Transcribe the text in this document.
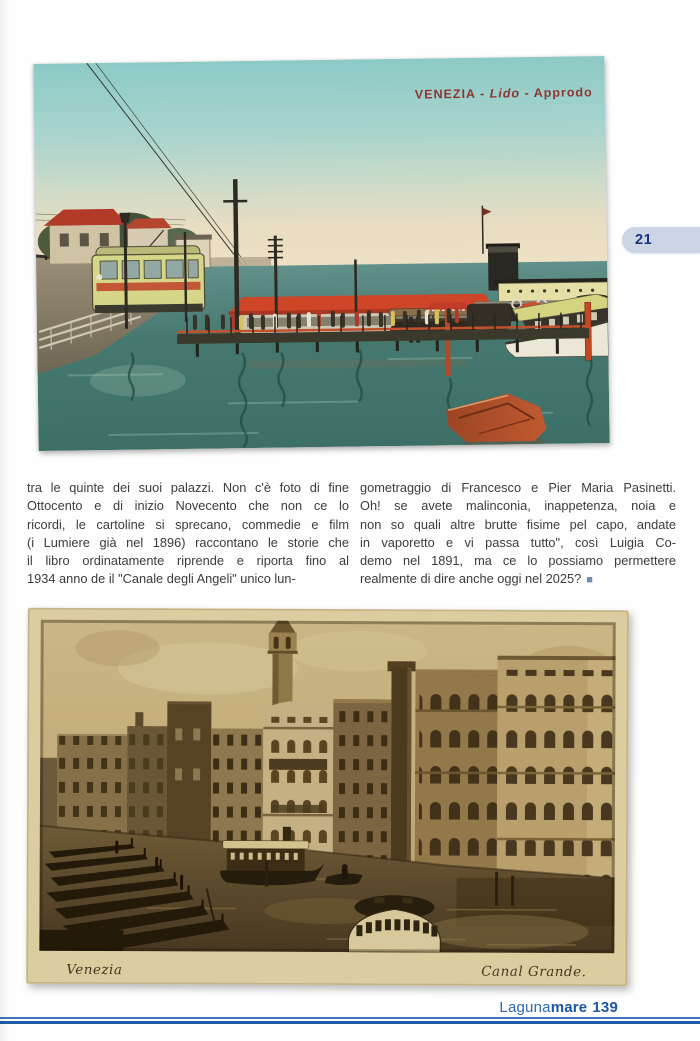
VENEZIA - Lido - Approdo
21
tra le quinte dei suoi palazzi. Non c'è foto di fine
Ottocento e di inizio Novecento che non ce lo
ricordi, le cartoline si sprecano, commedie e film
(i Lumiere già nel 1896) raccontano le storie che
il libro ordinatamente riprende e riporta fino al
1934 anno de il "Canale degli Angeli" unico lun-
gometraggio di Francesco e Pier Maria Pasinetti.
Oh! se avete malinconia, inappetenza, noia e
non so quali altre brutte fisime pel capo, andate
in vaporetto e vi passa tutto", così Luigia Co-
demo nel 1891, ma ce lo possiamo permettere
realmente di dire anche oggi nel 2025? ■
Venezia	Canal Grande.
Lagunamare 139
